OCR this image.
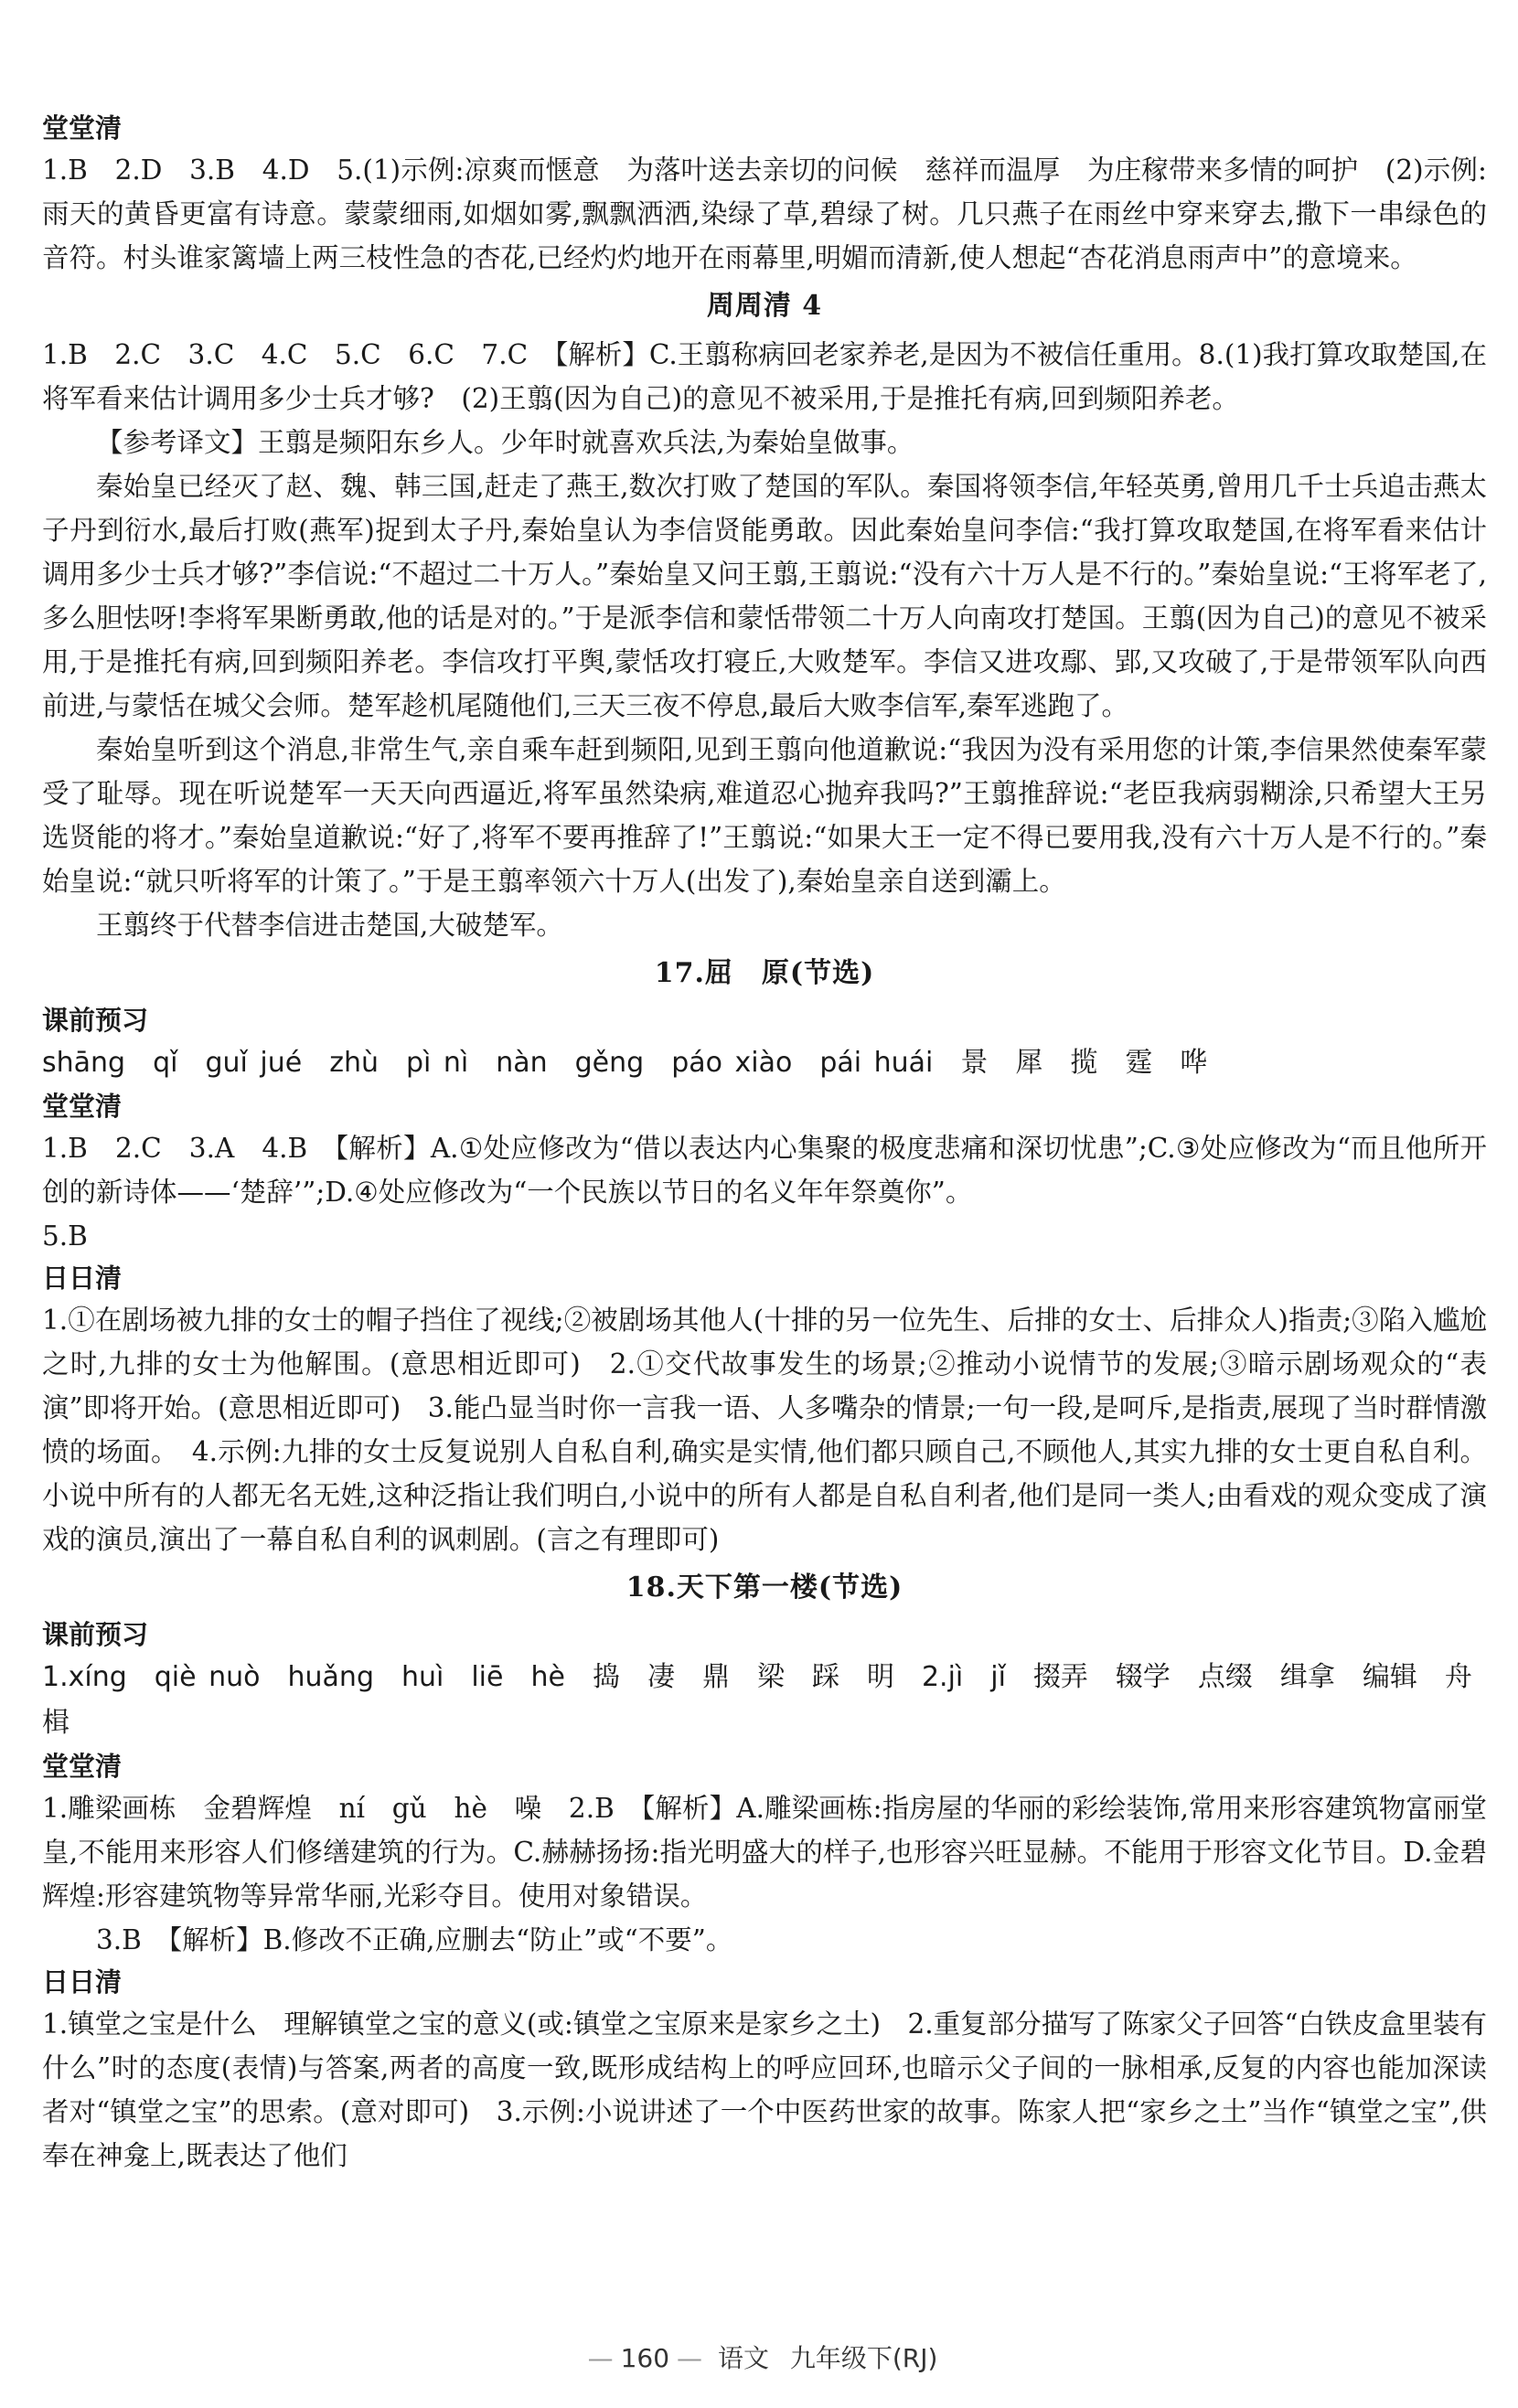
堂堂清
1.B　2.D　3.B　4.D　5.(1)示例:凉爽而惬意　为落叶送去亲切的问候　慈祥而温厚　为庄稼带来多情的呵护　(2)示例:雨天的黄昏更富有诗意。蒙蒙细雨,如烟如雾,飘飘洒洒,染绿了草,碧绿了树。几只燕子在雨丝中穿来穿去,撒下一串绿色的音符。村头谁家篱墙上两三枝性急的杏花,已经灼灼地开在雨幕里,明媚而清新,使人想起“杏花消息雨声中”的意境来。
周周清 4
1.B　2.C　3.C　4.C　5.C　6.C　7.C　【解析】C.王翦称病回老家养老,是因为不被信任重用。8.(1)我打算攻取楚国,在将军看来估计调用多少士兵才够?　(2)王翦(因为自己)的意见不被采用,于是推托有病,回到频阳养老。
【参考译文】王翦是频阳东乡人。少年时就喜欢兵法,为秦始皇做事。
秦始皇已经灭了赵、魏、韩三国,赶走了燕王,数次打败了楚国的军队。秦国将领李信,年轻英勇,曾用几千士兵追击燕太子丹到衍水,最后打败(燕军)捉到太子丹,秦始皇认为李信贤能勇敢。因此秦始皇问李信:“我打算攻取楚国,在将军看来估计调用多少士兵才够?”李信说:“不超过二十万人。”秦始皇又问王翦,王翦说:“没有六十万人是不行的。”秦始皇说:“王将军老了,多么胆怯呀!李将军果断勇敢,他的话是对的。”于是派李信和蒙恬带领二十万人向南攻打楚国。王翦(因为自己)的意见不被采用,于是推托有病,回到频阳养老。李信攻打平舆,蒙恬攻打寝丘,大败楚军。李信又进攻鄢、郢,又攻破了,于是带领军队向西前进,与蒙恬在城父会师。楚军趁机尾随他们,三天三夜不停息,最后大败李信军,秦军逃跑了。
秦始皇听到这个消息,非常生气,亲自乘车赶到频阳,见到王翦向他道歉说:“我因为没有采用您的计策,李信果然使秦军蒙受了耻辱。现在听说楚军一天天向西逼近,将军虽然染病,难道忍心抛弃我吗?”王翦推辞说:“老臣我病弱糊涂,只希望大王另选贤能的将才。”秦始皇道歉说:“好了,将军不要再推辞了!”王翦说:“如果大王一定不得已要用我,没有六十万人是不行的。”秦始皇说:“就只听将军的计策了。”于是王翦率领六十万人(出发了),秦始皇亲自送到灞上。
王翦终于代替李信进击楚国,大破楚军。
17.屈　原(节选)
课前预习
shāng　qǐ　guǐ jué　zhù　pì nì　nàn　gěng　páo xiào　pái huái　景　犀　揽　霆　哗
堂堂清
1.B　2.C　3.A　4.B　【解析】A.①处应修改为“借以表达内心集聚的极度悲痛和深切忧患”;C.③处应修改为“而且他所开创的新诗体——‘楚辞’”;D.④处应修改为“一个民族以节日的名义年年祭奠你”。
5.B
日日清
1.①在剧场被九排的女士的帽子挡住了视线;②被剧场其他人(十排的另一位先生、后排的女士、后排众人)指责;③陷入尴尬之时,九排的女士为他解围。(意思相近即可)　2.①交代故事发生的场景;②推动小说情节的发展;③暗示剧场观众的“表演”即将开始。(意思相近即可)　3.能凸显当时你一言我一语、人多嘴杂的情景;一句一段,是呵斥,是指责,展现了当时群情激愤的场面。　4.示例:九排的女士反复说别人自私自利,确实是实情,他们都只顾自己,不顾他人,其实九排的女士更自私自利。小说中所有的人都无名无姓,这种泛指让我们明白,小说中的所有人都是自私自利者,他们是同一类人;由看戏的观众变成了演戏的演员,演出了一幕自私自利的讽刺剧。(言之有理即可)
18.天下第一楼(节选)
课前预习
1.xíng　qiè nuò　huǎng　huì　liē　hè　捣　凄　鼎　梁　踩　明　2.jì　jǐ　掇弄　辍学　点缀　缉拿　编辑　舟楫
堂堂清
1.雕梁画栋　金碧辉煌　ní　gǔ　hè　噪　2.B　【解析】A.雕梁画栋:指房屋的华丽的彩绘装饰,常用来形容建筑物富丽堂皇,不能用来形容人们修缮建筑的行为。C.赫赫扬扬:指光明盛大的样子,也形容兴旺显赫。不能用于形容文化节目。D.金碧辉煌:形容建筑物等异常华丽,光彩夺目。使用对象错误。
3.B　【解析】B.修改不正确,应删去“防止”或“不要”。
日日清
1.镇堂之宝是什么　理解镇堂之宝的意义(或:镇堂之宝原来是家乡之土)　2.重复部分描写了陈家父子回答“白铁皮盒里装有什么”时的态度(表情)与答案,两者的高度一致,既形成结构上的呼应回环,也暗示父子间的一脉相承,反复的内容也能加深读者对“镇堂之宝”的思索。(意对即可)　3.示例:小说讲述了一个中医药世家的故事。陈家人把“家乡之土”当作“镇堂之宝”,供奉在神龛上,既表达了他们
— 160 — 语文 九年级下(RJ)
